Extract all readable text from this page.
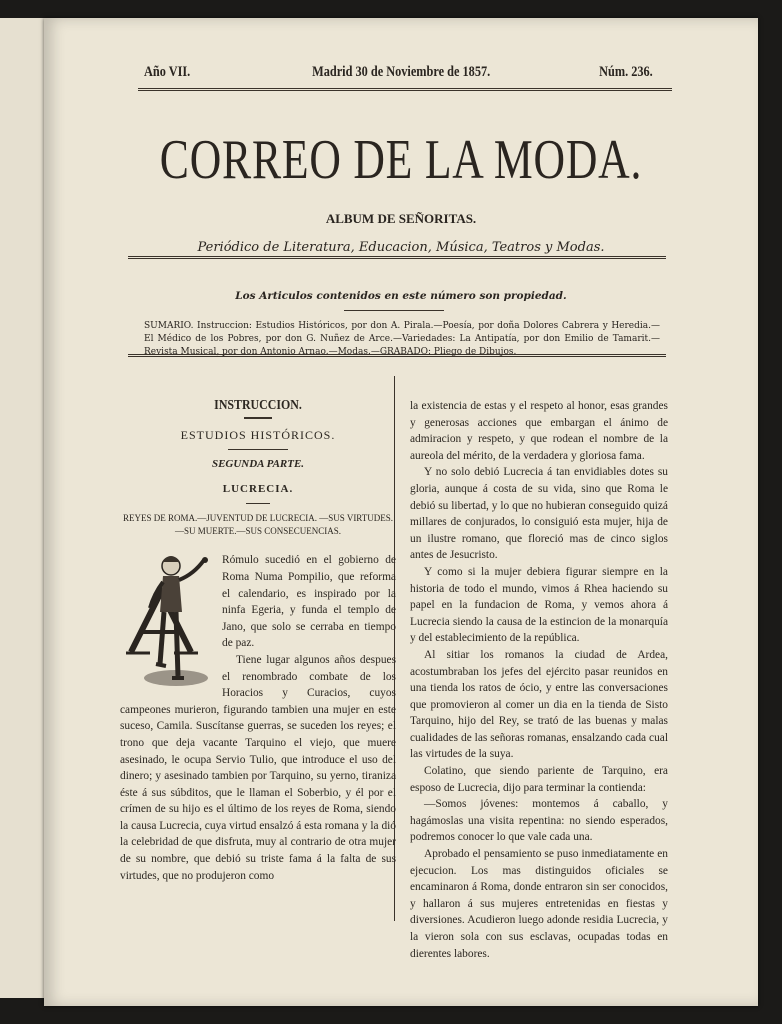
Año VII.	Madrid 30 de Noviembre de 1857.	Núm. 236.
CORREO DE LA MODA.
ALBUM DE SEÑORITAS.
Periódico de Literatura, Educacion, Música, Teatros y Modas.
Los Articulos contenidos en este número son propiedad.
SUMARIO. Instruccion: Estudios Históricos, por don A. Pirala.—Poesía, por doña Dolores Cabrera y Heredia.—El Médico de los Pobres, por don G. Nuñez de Arce.—Variedades: La Antipatía, por don Emilio de Tamarit.—Revista Musical, por don Antonio Arnao.—Modas.—GRABADO: Pliego de Dibujos.
INSTRUCCION.
ESTUDIOS HISTÓRICOS.
SEGUNDA PARTE.
LUCRECIA.
REYES DE ROMA.—JUVENTUD DE LUCRECIA. —SUS VIRTUDES.—SU MUERTE.—SUS CONSECUENCIAS.

Rómulo sucedió en el gobierno de Roma Numa Pompilio, que reforma el calendario, es inspirado por la ninfa Egeria, y funda el templo de Jano, que solo se cerraba en tiempo de paz.

Tiene lugar algunos años despues el renombrado combate de los Horacios y Curacios, cuyos campeones murieron, figurando tambien una mujer en este suceso, Camila. Suscítanse guerras, se suceden los reyes; el trono que deja vacante Tarquino el viejo, que muere asesinado, le ocupa Servio Tulio, que introduce el uso del dinero; y asesinado tambien por Tarquino, su yerno, tiraniza éste á sus súbditos, que le llaman el Soberbio, y él por el crímen de su hijo es el último de los reyes de Roma, siendo la causa Lucrecia, cuya virtud ensalzó á esta romana y la dió la celebridad de que disfruta, muy al contrario de otra mujer de su nombre, que debió su triste fama á la falta de sus virtudes, que no produjeron como

la existencia de estas y el respeto al honor, esas grandes y generosas acciones que embargan el ánimo de admiracion y respeto, y que rodean el nombre de la aureola del mérito, de la verdadera y gloriosa fama.

Y no solo debió Lucrecia á tan envidiables dotes su gloria, aunque á costa de su vida, sino que Roma le debió su libertad, y lo que no hubieran conseguido quizá millares de conjurados, lo consiguió esta mujer, hija de un ilustre romano, que floreció mas de cinco siglos antes de Jesucristo.

Y como si la mujer debiera figurar siempre en la historia de todo el mundo, vimos á Rhea haciendo su papel en la fundacion de Roma, y vemos ahora á Lucrecia siendo la causa de la estincion de la monarquía y del establecimiento de la república.

Al sitiar los romanos la ciudad de Ardea, acostumbraban los jefes del ejército pasar reunidos en una tienda los ratos de ócio, y entre las conversaciones que promovieron al comer un dia en la tienda de Sisto Tarquino, hijo del Rey, se trató de las buenas y malas cualidades de las señoras romanas, ensalzando cada cual las virtudes de la suya.

Colatino, que siendo pariente de Tarquino, era esposo de Lucrecia, dijo para terminar la contienda:

—Somos jóvenes: montemos á caballo, y hagámoslas una visita repentina: no siendo esperados, podremos conocer lo que vale cada una.

Aprobado el pensamiento se puso inmediatamente en ejecucion. Los mas distinguidos oficiales se encaminaron á Roma, donde entraron sin ser conocidos, y hallaron á sus mujeres entretenidas en fiestas y diversiones. Acudieron luego adonde residia Lucrecia, y la vieron sola con sus esclavas, ocupadas todas en dierentes labores.
